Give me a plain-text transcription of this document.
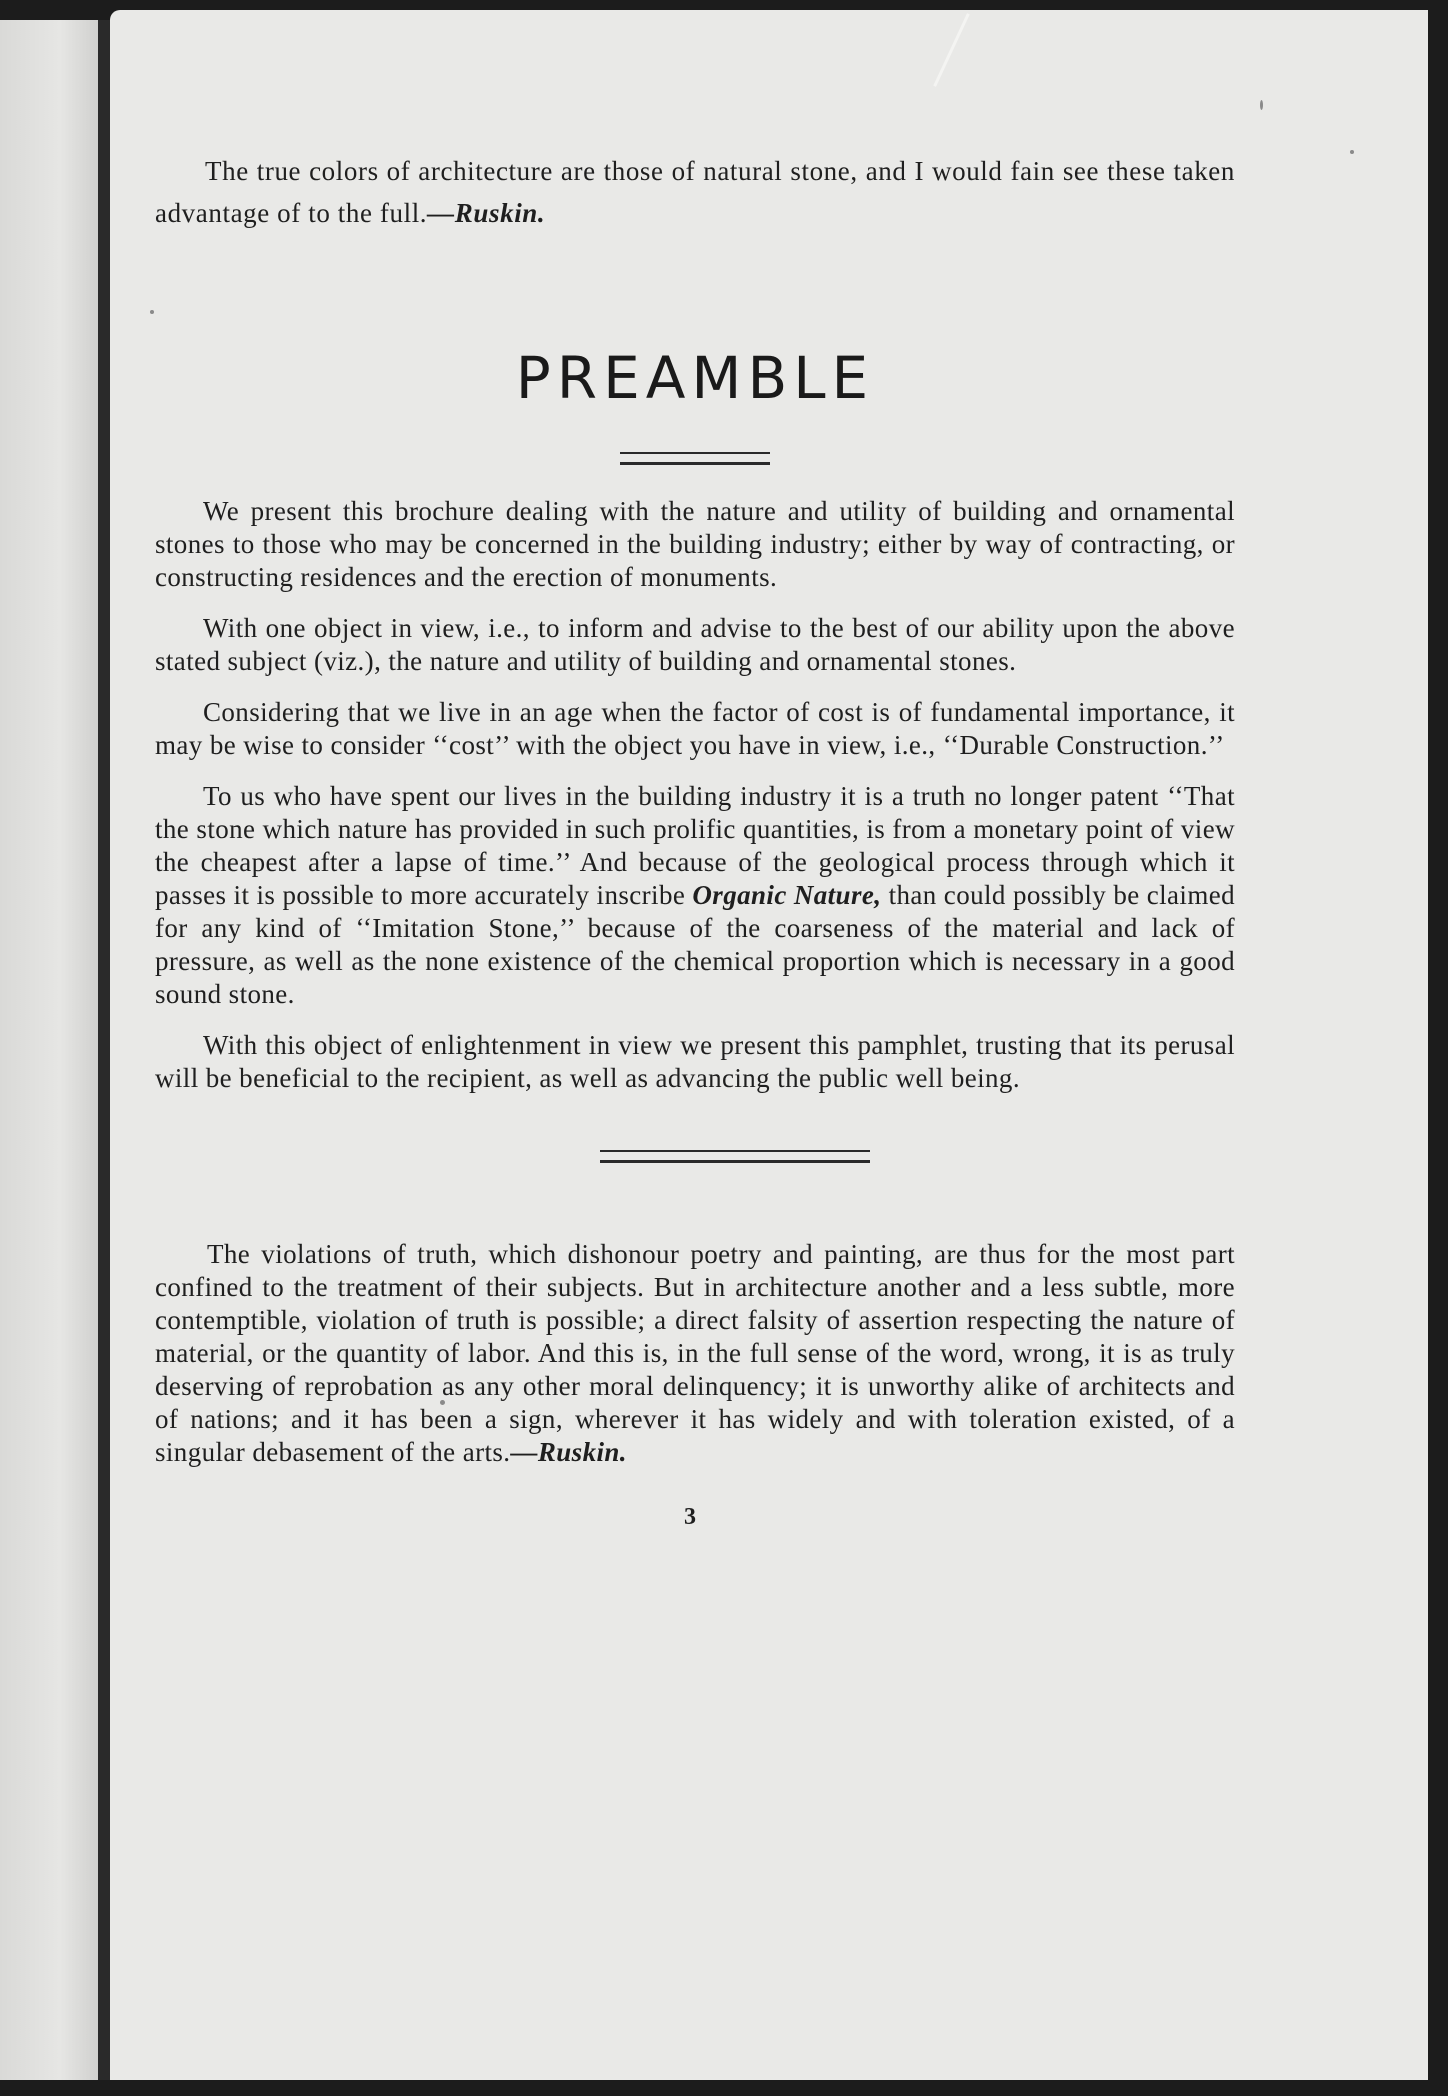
The true colors of architecture are those of natural stone, and I would fain see these taken advantage of to the full.—Ruskin.

PREAMBLE

We present this brochure dealing with the nature and utility of building and ornamental stones to those who may be concerned in the building industry; either by way of contracting, or constructing residences and the erection of monuments.

With one object in view, i.e., to inform and advise to the best of our ability upon the above stated subject (viz.), the nature and utility of building and ornamental stones.

Considering that we live in an age when the factor of cost is of fundamental importance, it may be wise to consider ‘‘cost’’ with the object you have in view, i.e., ‘‘Durable Construction.’’

To us who have spent our lives in the building industry it is a truth no longer patent ‘‘That the stone which nature has provided in such prolific quantities, is from a monetary point of view the cheapest after a lapse of time.’’ And because of the geological process through which it passes it is possible to more accurately inscribe Organic Nature, than could possibly be claimed for any kind of ‘‘Imitation Stone,’’ because of the coarseness of the material and lack of pressure, as well as the none existence of the chemical proportion which is necessary in a good sound stone.

With this object of enlightenment in view we present this pamphlet, trusting that its perusal will be beneficial to the recipient, as well as advancing the public well being.

The violations of truth, which dishonour poetry and painting, are thus for the most part confined to the treatment of their subjects. But in architecture another and a less subtle, more contemptible, violation of truth is possible; a direct falsity of assertion respecting the nature of material, or the quantity of labor. And this is, in the full sense of the word, wrong, it is as truly deserving of reprobation as any other moral delinquency; it is unworthy alike of architects and of nations; and it has been a sign, wherever it has widely and with toleration existed, of a singular debasement of the arts.—Ruskin.

3
